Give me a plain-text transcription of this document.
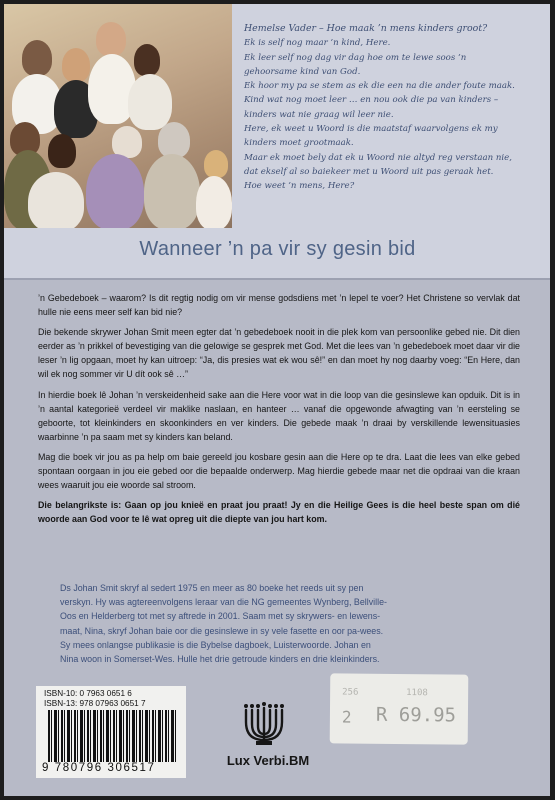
Hemelse Vader – Hoe maak ’n mens kinders groot?
Ek is self nog maar ’n kind, Here.
Ek leer self nog dag vir dag hoe om te lewe soos ’n
gehoorsame kind van God.
Ek hoor my pa se stem as ek die een na die ander foute maak.
Kind wat nog moet leer … en nou ook die pa van kinders –
kinders wat nie graag wil leer nie.
Here, ek weet u Woord is die maatstaf waarvolgens ek my
kinders moet grootmaak.
Maar ek moet bely dat ek u Woord nie altyd reg verstaan nie,
dat ekself al so baiekeer met u Woord uit pas geraak het.
Hoe weet ’n mens, Here?
Wanneer ’n pa vir sy gesin bid

’n Gebedeboek – waarom? Is dit regtig nodig om vir mense godsdiens met ’n lepel te voer? Het Christene so vervlak dat hulle nie eens meer self kan bid nie?

Die bekende skrywer Johan Smit meen egter dat ’n gebedeboek nooit in die plek kom van persoonlike gebed nie. Dit dien eerder as ’n prikkel of bevestiging van die gelowige se gesprek met God. Met die lees van ’n gebedeboek moet daar vir die leser ’n lig opgaan, moet hy kan uitroep: “Ja, dis presies wat ek wou sê!” en dan moet hy nog daarby voeg: “En Here, dan wil ek nog sommer vir U dít ook sê …”

In hierdie boek lê Johan ’n verskeidenheid sake aan die Here voor wat in die loop van die gesinslewe kan opduik. Dit is in ’n aantal kategorieë verdeel vir maklike naslaan, en hanteer … vanaf die opgewonde afwagting van ’n eersteling se geboorte, tot kleinkinders en skoonkinders en ver kinders. Die gebede maak ’n draai by verskillende lewensituasies waarbinne ’n pa saam met sy kinders kan beland.

Mag die boek vir jou as pa help om baie gereeld jou kosbare gesin aan die Here op te dra. Laat die lees van elke gebed spontaan oorgaan in jou eie gebed oor die bepaalde onderwerp. Mag hierdie gebede maar net die opdraai van die kraan wees waaruit jou eie woorde sal stroom.

Die belangrikste is: Gaan op jou knieë en praat jou praat! Jy en die Heilige Gees is die heel beste span om dié woorde aan God voor te lê wat opreg uit die diepte van jou hart kom.

Ds Johan Smit skryf al sedert 1975 en meer as 80 boeke het reeds uit sy pen
verskyn. Hy was agtereenvolgens leraar van die NG gemeentes Wynberg, Bellville-
Oos en Helderberg tot met sy aftrede in 2001. Saam met sy skrywers- en lewens-
maat, Nina, skryf Johan baie oor die gesinslewe in sy vele fasette en oor pa-wees.
Sy mees onlangse publikasie is die Bybelse dagboek, Luisterwoorde. Johan en
Nina woon in Somerset-Wes. Hulle het drie getroude kinders en drie kleinkinders.
ISBN-10: 0 7963 0651 6
ISBN-13: 978 07963 0651 7
9 780796 306517	Lux Verbi.BM
256	1108
2 R 69.95
